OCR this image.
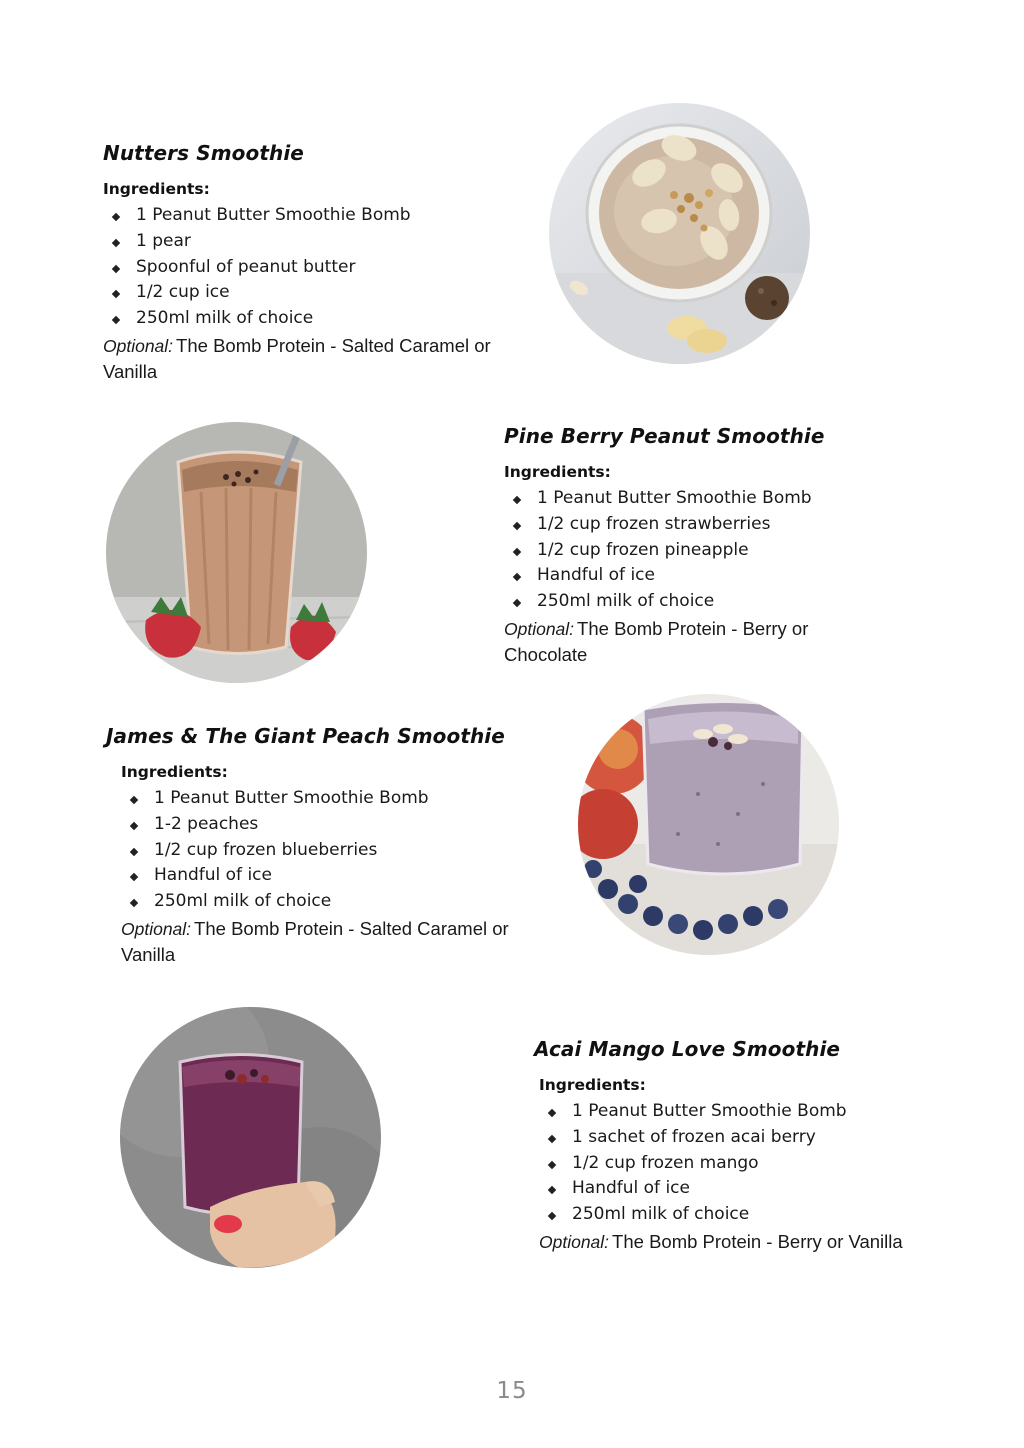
Nutters Smoothie
Ingredients:
1 Peanut Butter Smoothie Bomb
1 pear
Spoonful of peanut butter
1/2 cup ice
250ml milk of choice
Optional: The Bomb Protein - Salted Caramel or Vanilla
Pine Berry Peanut Smoothie
Ingredients:
1 Peanut Butter Smoothie Bomb
1/2 cup frozen strawberries
1/2 cup frozen pineapple
Handful of ice
250ml milk of choice
Optional: The Bomb Protein - Berry or Chocolate
James & The Giant Peach Smoothie
Ingredients:
1 Peanut Butter Smoothie Bomb
1-2 peaches
1/2 cup frozen blueberries
Handful of ice
250ml milk of choice
Optional: The Bomb Protein - Salted Caramel or Vanilla
Acai Mango Love Smoothie
Ingredients:
1 Peanut Butter Smoothie Bomb
1 sachet of frozen acai berry
1/2 cup frozen mango
Handful of ice
250ml milk of choice
Optional: The Bomb Protein - Berry or Vanilla
15
